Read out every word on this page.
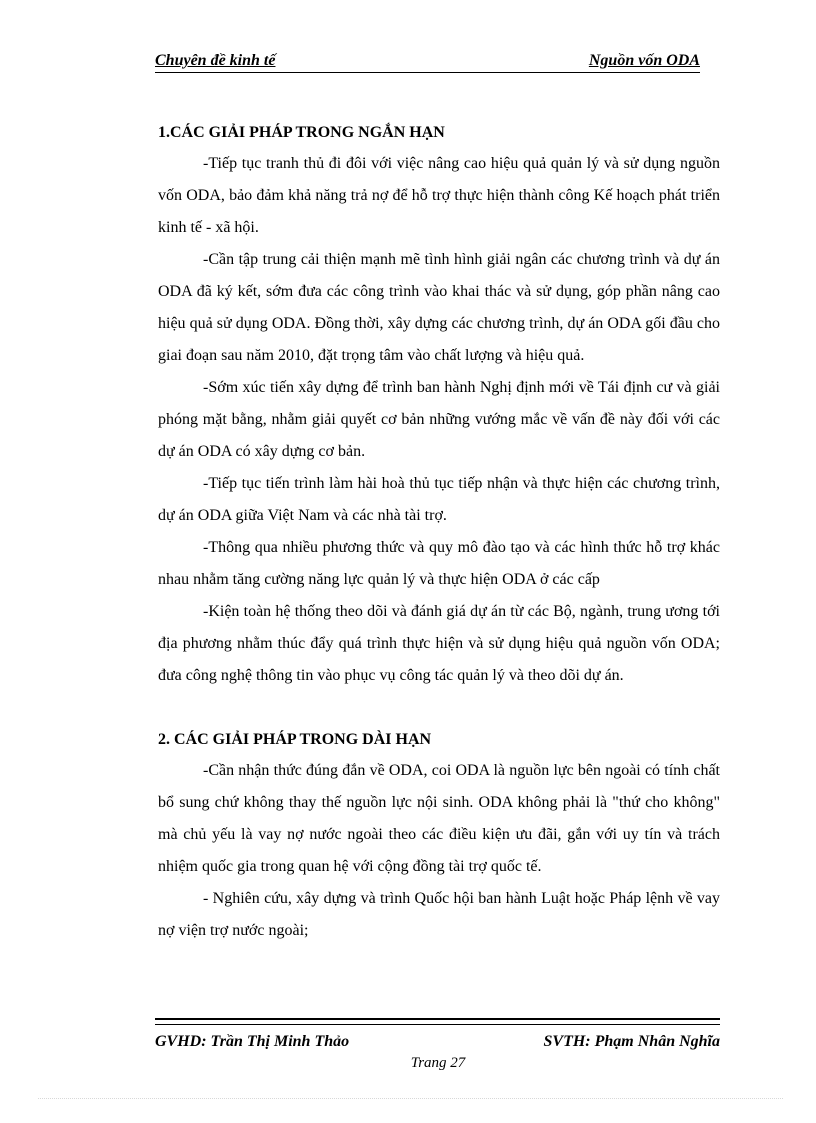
Chuyên đề kinh tế	Nguồn vốn ODA
1.CÁC GIẢI PHÁP TRONG NGẮN HẠN

-Tiếp tục tranh thủ đi đôi với việc nâng cao hiệu quả quản lý và sử dụng nguồn vốn ODA, bảo đảm khả năng trả nợ để hỗ trợ thực hiện thành công Kế hoạch phát triển kinh tế - xã hội.

-Cần tập trung cải thiện mạnh mẽ tình hình giải ngân các chương trình và dự án ODA đã ký kết, sớm đưa các công trình vào khai thác và sử dụng, góp phần nâng cao hiệu quả sử dụng ODA. Đồng thời, xây dựng các chương trình, dự án ODA gối đầu cho giai đoạn sau năm 2010, đặt trọng tâm vào chất lượng và hiệu quả.

-Sớm xúc tiến xây dựng để trình ban hành Nghị định mới về Tái định cư và giải phóng mặt bằng, nhằm giải quyết cơ bản những vướng mắc về vấn đề này đối với các dự án ODA có xây dựng cơ bản.

-Tiếp tục tiến trình làm hài hoà thủ tục tiếp nhận và thực hiện các chương trình, dự án ODA giữa Việt Nam và các nhà tài trợ.

-Thông qua nhiều phương thức và quy mô đào tạo và các hình thức hỗ trợ khác nhau nhằm tăng cường năng lực quản lý và thực hiện ODA ở các cấp

-Kiện toàn hệ thống theo dõi và đánh giá dự án từ các Bộ, ngành, trung ương tới địa phương nhằm thúc đẩy quá trình thực hiện và sử dụng hiệu quả nguồn vốn ODA; đưa công nghệ thông tin vào phục vụ công tác quản lý và theo dõi dự án.

2. CÁC GIẢI PHÁP TRONG DÀI HẠN

-Cần nhận thức đúng đắn về ODA, coi ODA là nguồn lực bên ngoài có tính chất bổ sung chứ không thay thế nguồn lực nội sinh. ODA không phải là "thứ cho không" mà chủ yếu là vay nợ nước ngoài theo các điều kiện ưu đãi, gắn với uy tín và trách nhiệm quốc gia trong quan hệ với cộng đồng tài trợ quốc tế.

- Nghiên cứu, xây dựng và trình Quốc hội ban hành Luật hoặc Pháp lệnh về vay nợ viện trợ nước ngoài;

GVHD: Trần Thị Minh Thảo	SVTH: Phạm Nhân Nghĩa
Trang 27
